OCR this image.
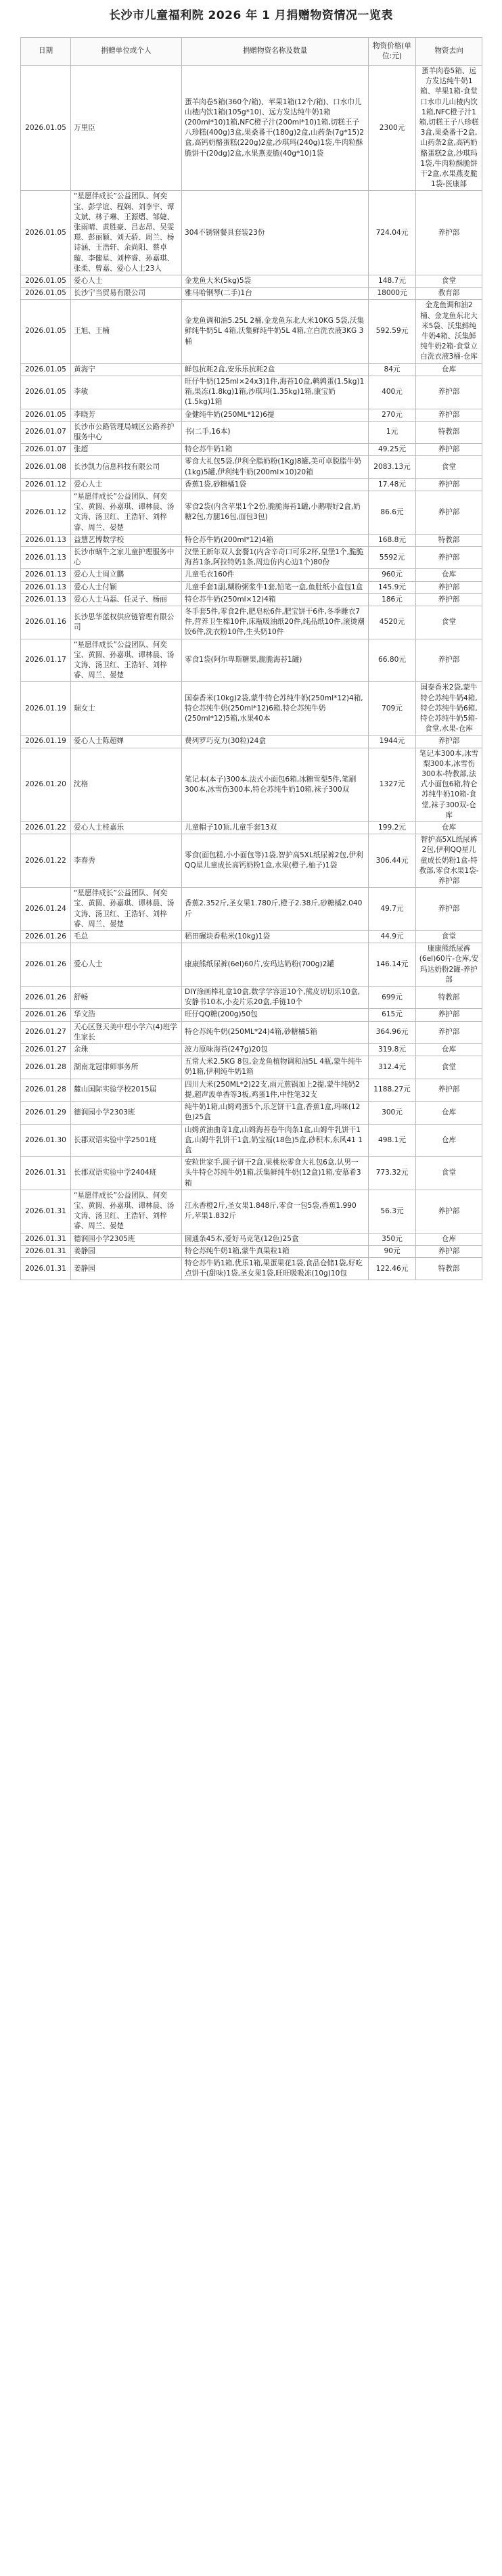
长沙市儿童福利院 2026 年 1 月捐赠物资情况一览表
日期	捐赠单位或个人	捐赠物资名称及数量	物资价格(单位:元)	物资去向
2026.01.05	万里臣	蛋羊肉卷5箱(360个/箱)、苹果1箱(12个/箱)、口水巾儿山楂内饮1箱(105g*10)、远方发达纯牛奶1箱(200ml*10)1箱,NFC橙子汁(200ml*10)1箱,切糕王子八珍糕(400g)3盒,果桑番干(180g)2盒,山药条(7g*15)2盒,高钙奶酪蛋糕(220g)2盒,沙琪玛(240g)1袋,牛肉粒酥脆饼干(20dg)2盒,水果燕麦脆(40g*10)1袋	2300元	蛋羊肉卷5箱、远方发达纯牛奶1箱、苹果1箱-食堂口水巾儿山楂内饮1箱,NFC橙子汁1箱,切糕王子八珍糕3盒,果桑番干2盒,山药条2盒,高钙奶酪蛋糕2盒,沙琪玛1袋,牛肉粒酥脆饼干2盒,水果燕麦脆1袋-医康部
2026.01.05	“星愿伴成长”公益团队、何奕宝、彭学谊、程娴、刘李宇、谭文斌、林子琳、王源熠、邹婕、张雨晴、黄胜豪、吕志昂、吴雯璟、彭丽颖、刘天骄、周兰、杨诗涵、王浩轩、余尚阳、蔡卓璇、李健星、刘梓睿、孙嘉琪、张柔、曾嘉、爱心人士23人	304不锈钢餐具套装23份	724.04元	养护部
2026.01.05	爱心人士	金龙鱼大米(5kg)5袋	148.7元	食堂
2026.01.05	长沙宁当贸易有限公司	雅马哈钢琴(二手)1台	18000元	教育部
2026.01.05	王旭、王楠	金龙鱼调和油5.25L 2桶,金龙鱼东北大米10KG 5袋,沃集鲜纯牛奶5L 4箱,沃集鲜纯牛奶5L 4箱,立白洗衣液3KG 3桶	592.59元	金龙鱼调和油2桶、金龙鱼东北大米5袋、沃集鲜纯牛奶4箱、沃集鲜纯牛奶2箱-食堂立白洗衣液3桶-仓库
2026.01.05	黄海宁	鲜包抗耗2盒,安乐乐抗耗2盒	84元	仓库
2026.01.05	李敏	旺仔牛奶(125ml×24x3)1件,海苔10盒,鹌鹑蛋(1.5kg)1箱,果冻(1.8kg)1箱,沙琪玛(1.35kg)1箱,康宝奶(1.5kg)1箱	400元	养护部
2026.01.05	李晓芳	金健纯牛奶(250ML*12)6提	270元	养护部
2026.01.07	长沙市公路管理局城区公路养护服务中心	书(二手,16本)	1元	特教部
2026.01.07	张超	特仑苏牛奶1箱	49.25元	养护部
2026.01.08	长沙凯力信息科技有限公司	零食大礼包5袋,伊利全脂奶粉(1Kg)8罐,美可卓脱脂牛奶(1kg)5罐,伊利纯牛奶(200ml×10)20箱	2083.13元	食堂
2026.01.12	爱心人士	香蕉1袋,砂糖橘1袋	17.48元	养护部
2026.01.12	“星愿伴成长”公益团队、何奕宝、黄圆、孙嘉琪、谭林晨、汤文涛、汤卫红、王浩轩、刘梓睿、周兰、晏楚	零食2袋(内含苹果1个2份,脆脆海苔1罐,小鹅喂好2盒,奶糖2包,方腿16包,面包3包)	86.6元	养护部
2026.01.13	益慧艺博数学校	特仑苏牛奶(200ml*12)4箱	168.8元	特教部
2026.01.13	长沙市蜗牛之家儿童护理服务中心	汉堡王新年双人套餐1(内含辛奇口可乐2杯,皇堡1个,脆脆海苔1条,阿拉特奶1条,周边仿内心边1个)80份	5592元	养护部
2026.01.13	爱心人士周立鹏	儿童毛衣160件	960元	仓库
2026.01.13	爱心人士付颖	儿童手套1副,糊粉粥浆牛1套,铅笔一盒,鱼肚纸小盒包1盒	145.9元	养护部
2026.01.13	爱心人士马磊、任灵子、杨丽	特仑苏牛奶(250ml×12)4箱	186元	养护部
2026.01.16	长沙思华蓝权供应链管理有限公司	冬手套5件,零食2件,肥皂松6件,肥宝饼干6件,冬季睡衣7件,营养卫生棉10件,床瓶吸油纸20件,纯品纸10件,滚烫潮饺6件,洗衣粉10件,生头奶10件	4520元	食堂
2026.01.17	“星愿伴成长”公益团队、何奕宝、黄圆、孙嘉琪、谭林晨、汤文涛、汤卫红、王浩轩、刘梓睿、周兰、晏楚	零食1袋(阿尔卑斯糖果,脆脆海苔1罐)	66.80元	养护部
2026.01.19	瑞女士	国泰香米(10kg)2袋,蒙牛特仑苏纯牛奶(250ml*12)4箱,特仑苏纯牛奶(250ml*12)6箱,特仑苏纯牛奶(250ml*12)5箱,水果40本	709元	国泰香米2袋,蒙牛特仑苏纯牛奶4箱,特仑苏纯牛奶6箱,特仑苏纯牛奶5箱-食堂,水果-仓库
2026.01.19	爱心人士陈超婵	费列罗巧克力(30粒)24盒	1944元	养护部
2026.01.20	沈格	笔记本(本子)300本,法式小面包6箱,冰糖雪梨5件,笔刷300本,冰雪伤300本,特仑苏纯牛奶10箱,袜子300双	1327元	笔记本300本,冰雪梨300本,冰雪伤300本-特教部,法式小面包6箱,特仑苏纯牛奶10箱-食堂,袜子300双-仓库
2026.01.22	爱心人士桂嘉乐	儿童帽子10顶,儿童手套13双	199.2元	仓库
2026.01.22	李春秀	零食(面包糕,小小面包等)1袋,智护高5XL纸尿裤2包,伊利QQ星儿童成长高钙奶粉1盒,水果(橙子,柚子)1袋	306.44元	智护高5XL纸尿裤2包,伊利QQ星儿童成长奶粉1盒-特教部,零食水果1袋-养护部
2026.01.24	“星愿伴成长”公益团队、何奕宝、黄圆、孙嘉琪、谭林晨、汤文涛、汤卫红、王浩轩、刘梓睿、周兰、晏楚	香蕉2.352斤,圣女果1.780斤,橙子2.38斤,砂糖橘2.040斤	49.7元	养护部
2026.01.26	毛总	稻田碾块香粘米(10kg)1袋	44.9元	食堂
2026.01.26	爱心人士	康康熊纸尿裤(6el)60片,安玛达奶粉(700g)2罐	146.14元	康康熊纸尿裤(6el)60片-仓库,安玛达奶粉2罐-养护部
2026.01.26	舒畅	DIY涂画棒礼盒10盒,数学学容道10个,熊皮切切乐10盒,安静书10本,小麦片乐20盒,手链10个	699元	特教部
2026.01.26	华文浩	旺仔QQ糖(200g)50包	615元	养护部
2026.01.27	天心区登天美中理小学六(4)班学生家长	特仑苏纯牛奶(250ML*24)4箱,砂糖橘5箱	364.96元	养护部
2026.01.27	余珠	波力原味海苔(247g)20包	319.8元	仓库
2026.01.28	湖南龙冠律师事务所	五常大米2.5KG 8包,金龙鱼植物调和油5L 4瓶,蒙牛纯牛奶1箱,伊利纯牛奶1箱	312.4元	食堂
2026.01.28	麓山国际实验学校2015届	四川大米(250ML*2)22支,雨元煎锅加上2提,蒙牛纯奶2提,超声波单香等3板,鸡蛋1件,中性笔32支	1188.27元	养护部
2026.01.29	德润园小学2303班	纯牛奶1箱,山姆鸡蛋5个,乐芝饼干1盒,香蕉1盒,玛咪(12色)25盒	300元	仓库
2026.01.30	长郡双语实验中学2501班	山姆黄油曲奇1盒,山姆海苔卷牛肉条1盒,山姆牛乳饼干1盒,山姆牛乳饼干1盒,奶宝福(18色)5盒,砂积木,东风41 1盒	498.1元	仓库
2026.01.31	长郡双语实验中学2404班	安粒世家手,圆子饼干2盒,果桃松零食大礼包6盒,认男一头牛特仑苏纯牛奶1箱,沃集鲜纯牛奶(12盒)1箱,安慕希3箱	773.32元	食堂
2026.01.31	“星愿伴成长”公益团队、何奕宝、黄圆、孙嘉琪、谭林晨、汤文涛、汤卫红、王浩轩、刘梓睿、周兰、晏楚	江永香橙2斤,圣女果1.848斤,零食一包5袋,香蕉1.990斤,苹果1.832斤	56.3元	养护部
2026.01.31	德润园小学2305班	圆通条45本,爱好马克笔(12色)25盒	350元	仓库
2026.01.31	姜静园	特仑苏纯牛奶1箱,蒙牛真果粒1箱	90元	养护部
2026.01.31	姜静园	特仑苏牛奶1箱,优乐1箱,果蛋果花1袋,食品仓储1袋,好吃点饼干(甜味)1袋,圣女果1袋,旺旺吸吸冻(10g)10包	122.46元	特教部
